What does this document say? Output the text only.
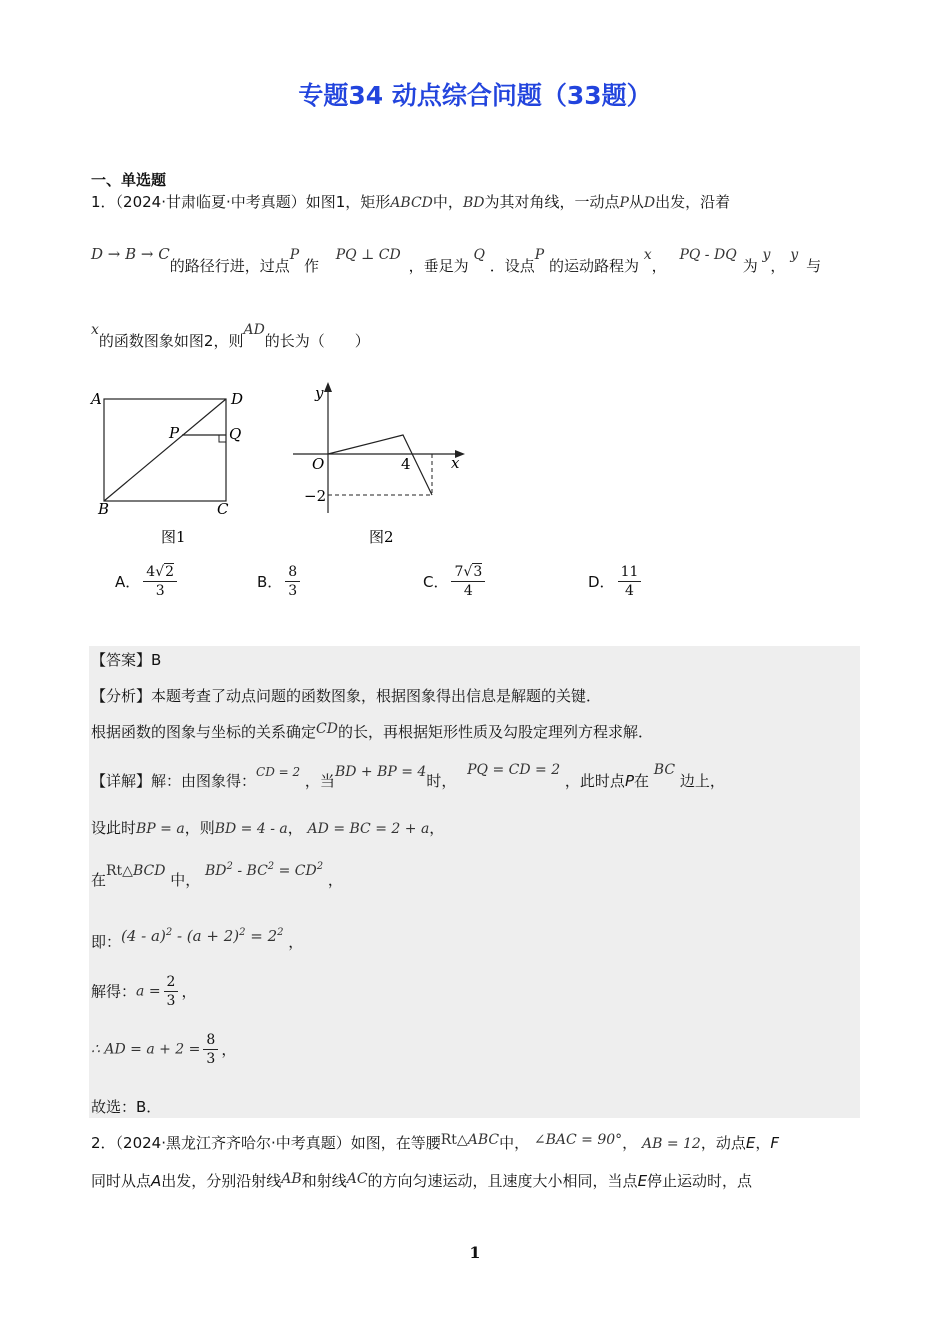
专题34 动点综合问题（33题）
一、单选题
1．（2024·甘肃临夏·中考真题）如图1，矩形ABCD中，BD为其对角线，一动点P从D出发，沿着
D → B → C的路径行进，过点P 作 PQ ⊥ CD，垂足为 Q ．设点P 的运动路程为 x， PQ - DQ为 y， y与
x的函数图象如图2，则AD的长为（　　）
A	D
B	C
P	Q
图1
y
x
O	4
−2
图2
A． $\frac{4√2}{3}$	B． $\frac{8}{3}$	C． $\frac{7√3}{4}$	D． $\frac{11}{4}$
【答案】B
【分析】本题考查了动点问题的函数图象，根据图象得出信息是解题的关键．
根据函数的图象与坐标的关系确定CD的长，再根据矩形性质及勾股定理列方程求解．
【详解】解：由图象得：$^{CD = 2}$ ，当BD + BP = 4时， PQ = CD = 2 ，此时点P在 BC 边上，
设此时BP = a，则BD = 4 - a， AD = BC = 2 + a，
在Rt△BCD 中， $BD^2 - BC^2 = CD^2$ ，
即：$(4 - a)^2 - (a + 2)^2 = 2^2$ ，
解得：$a = \frac{2}{3}$ ，
∴ AD = $a + 2 = \frac{8}{3}$ ，
故选：B．
2．（2024·黑龙江齐齐哈尔·中考真题）如图，在等腰Rt△ABC中， ∠BAC = 90°， AB = 12，动点E，F
同时从点A出发，分别沿射线AB和射线AC的方向匀速运动，且速度大小相同，当点E停止运动时，点
1
